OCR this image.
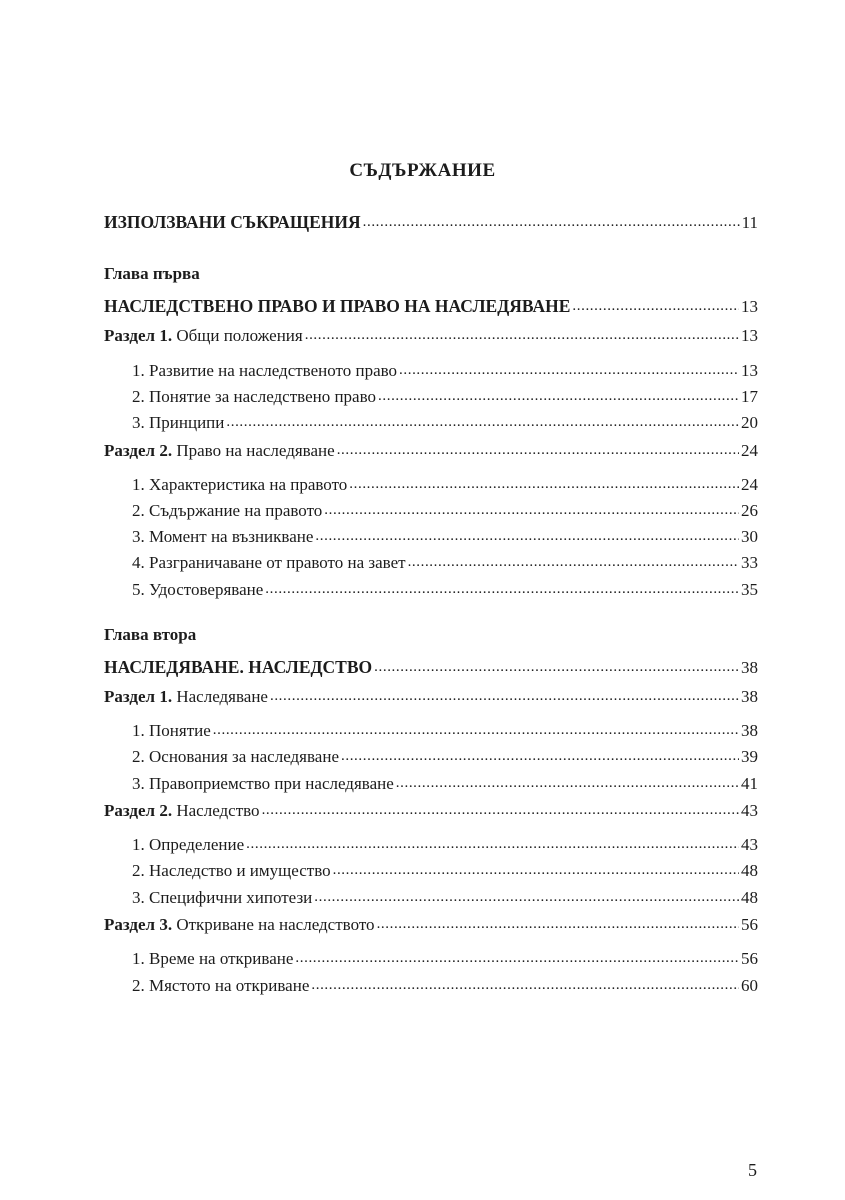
СЪДЪРЖАНИЕ
ИЗПОЛЗВАНИ СЪКРАЩЕНИЯ .....	11
Глава първа
НАСЛЕДСТВЕНО ПРАВО И ПРАВО НА НАСЛЕДЯВАНЕ .....	13
Раздел 1. Общи положения .....	13
1. Развитие на наследственото право .....	13
2. Понятие за наследствено право .....	17
3. Принципи .....	20
Раздел 2. Право на наследяване .....	24
1. Характеристика на правото .....	24
2. Съдържание на правото .....	26
3. Момент на възникване .....	30
4. Разграничаване от правото на завет .....	33
5. Удостоверяване .....	35
Глава втора
НАСЛЕДЯВАНЕ. НАСЛЕДСТВО .....	38
Раздел 1. Наследяване .....	38
1. Понятие .....	38
2. Основания за наследяване .....	39
3. Правоприемство при наследяване .....	41
Раздел 2. Наследство .....	43
1. Определение .....	43
2. Наследство и имущество .....	48
3. Специфични хипотези .....	48
Раздел 3. Откриване на наследството .....	56
1. Време на откриване .....	56
2. Мястото на откриване .....	60
5
